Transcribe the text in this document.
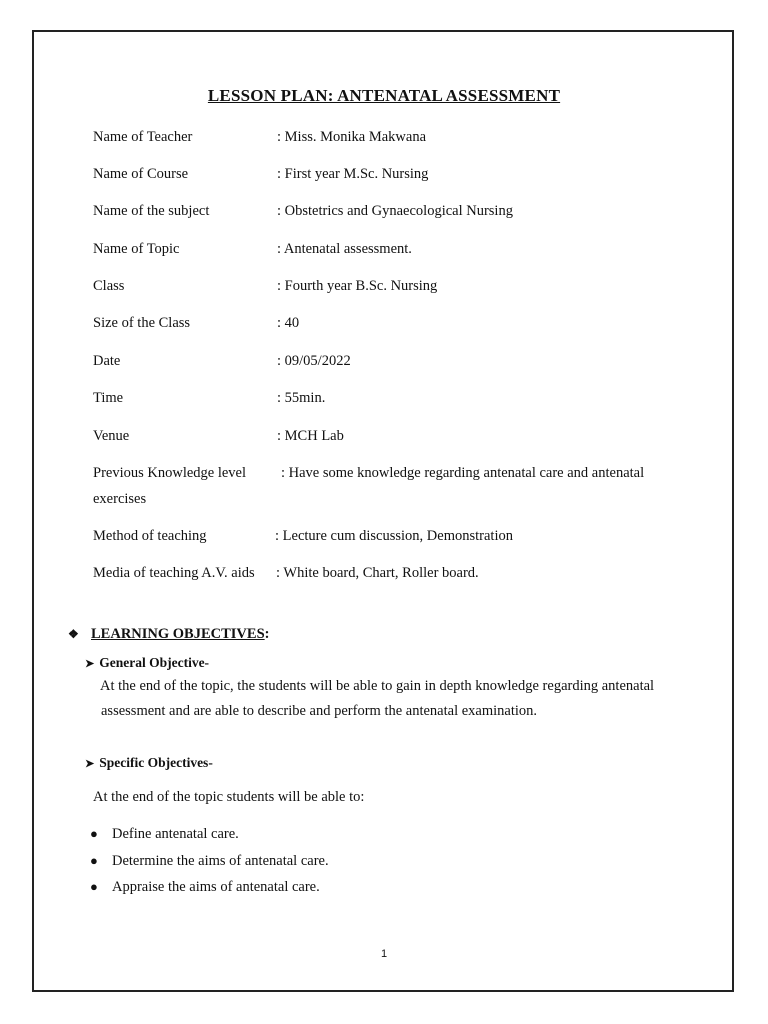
LESSON PLAN: ANTENATAL ASSESSMENT
Name of Teacher	: Miss. Monika Makwana
Name of Course	: First year M.Sc. Nursing
Name of the subject	: Obstetrics and Gynaecological Nursing
Name of Topic	: Antenatal assessment.
Class	: Fourth year B.Sc. Nursing
Size of the Class	: 40
Date	: 09/05/2022
Time	: 55min.
Venue	: MCH Lab
Previous Knowledge level : Have some knowledge regarding antenatal care and antenatal
exercises
Method of teaching	: Lecture cum discussion, Demonstration
Media of teaching A.V. aids : White board, Chart, Roller board.
❖ LEARNING OBJECTIVES:
➤ General Objective-
At the end of the topic, the students will be able to gain in depth knowledge regarding antenatal
assessment and are able to describe and perform the antenatal examination.
➤ Specific Objectives-
At the end of the topic students will be able to:
● Define antenatal care.
● Determine the aims of antenatal care.
● Appraise the aims of antenatal care.
1
